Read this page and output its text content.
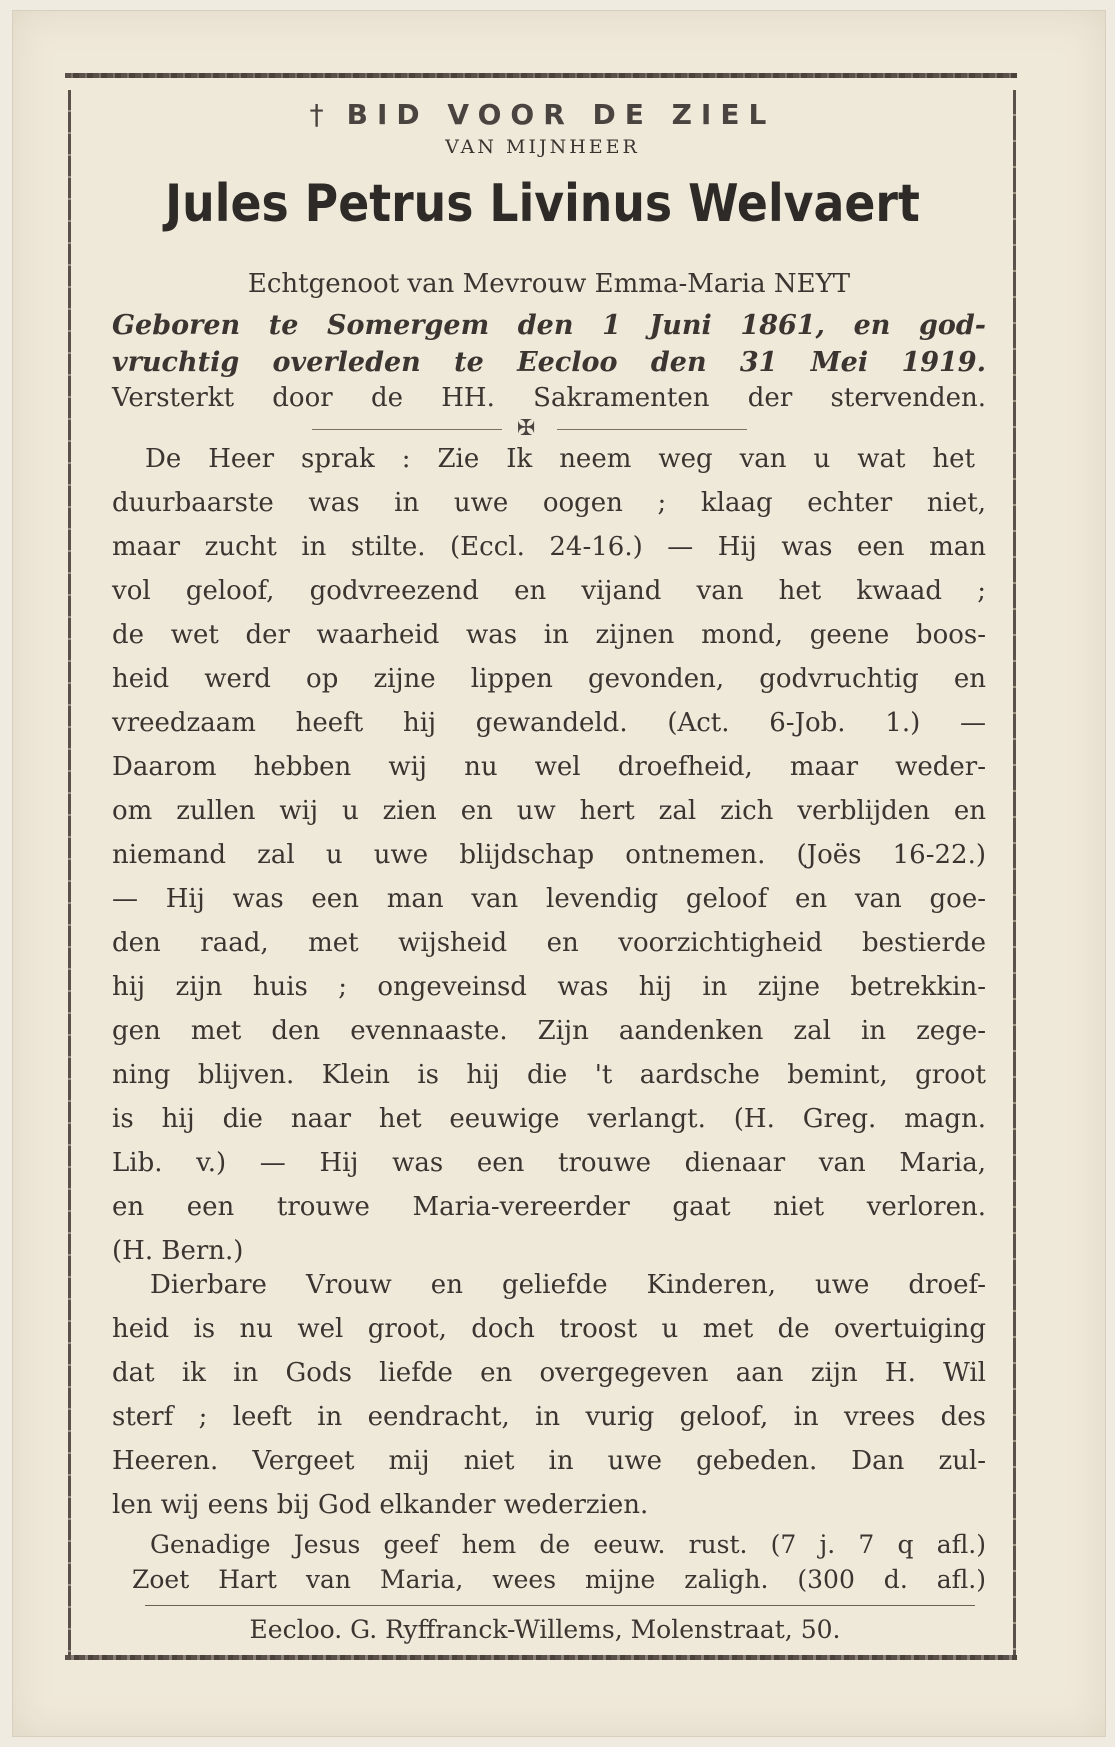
† BID VOOR DE ZIEL
VAN MIJNHEER
Jules Petrus Livinus Welvaert
Echtgenoot van Mevrouw Emma-Maria NEYT
Geboren te Somergem den 1 Juni 1861, en god-
vruchtig overleden te Eecloo den 31 Mei 1919.
Versterkt door de HH. Sakramenten der stervenden.
✠
De Heer sprak : Zie Ik neem weg van u wat het
duurbaarste was in uwe oogen ; klaag echter niet,
maar zucht in stilte. (Eccl. 24-16.) — Hij was een man
vol geloof, godvreezend en vijand van het kwaad ;
de wet der waarheid was in zijnen mond, geene boos-
heid werd op zijne lippen gevonden, godvruchtig en
vreedzaam heeft hij gewandeld. (Act. 6-Job. 1.) —
Daarom hebben wij nu wel droefheid, maar weder-
om zullen wij u zien en uw hert zal zich verblijden en
niemand zal u uwe blijdschap ontnemen. (Joës 16-22.)
— Hij was een man van levendig geloof en van goe-
den raad, met wijsheid en voorzichtigheid bestierde
hij zijn huis ; ongeveinsd was hij in zijne betrekkin-
gen met den evennaaste. Zijn aandenken zal in zege-
ning blijven. Klein is hij die 't aardsche bemint, groot
is hij die naar het eeuwige verlangt. (H. Greg. magn.
Lib. v.) — Hij was een trouwe dienaar van Maria,
en een trouwe Maria-vereerder gaat niet verloren.
(H. Bern.)
Dierbare Vrouw en geliefde Kinderen, uwe droef-
heid is nu wel groot, doch troost u met de overtuiging
dat ik in Gods liefde en overgegeven aan zijn H. Wil
sterf ; leeft in eendracht, in vurig geloof, in vrees des
Heeren. Vergeet mij niet in uwe gebeden. Dan zul-
len wij eens bij God elkander wederzien.
Genadige Jesus geef hem de eeuw. rust. (7 j. 7 q afl.)
Zoet Hart van Maria, wees mijne zaligh. (300 d. afl.)
Eecloo. G. Ryffranck-Willems, Molenstraat, 50.
